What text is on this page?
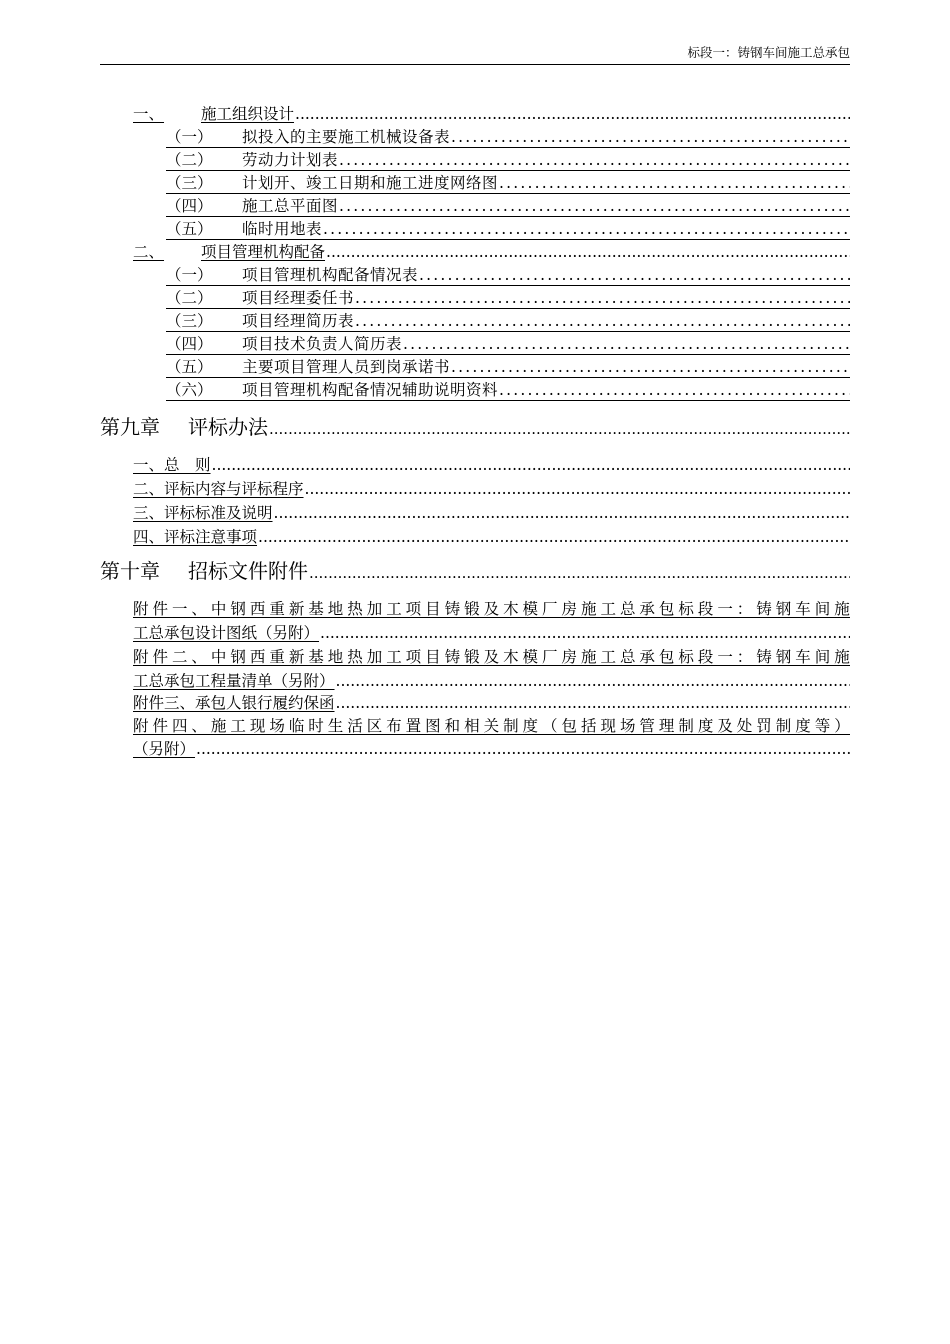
标段一：铸钢车间施工总承包
一、	施工组织设计
.....
（一）	拟投入的主要施工机械设备表
.....
（二）	劳动力计划表
.....
（三）	计划开、竣工日期和施工进度网络图
.....
（四）	施工总平面图
.....
（五）	临时用地表
.....
二、	项目管理机构配备
.....
（一）	项目管理机构配备情况表
.....
（二）	项目经理委任书
.....
（三）	项目经理简历表
.....
（四）	项目技术负责人简历表
.....
（五）	主要项目管理人员到岗承诺书
.....
（六）	项目管理机构配备情况辅助说明资料
.....
第九章	评标办法
.....
一、总　则
.....
二、评标内容与评标程序
.....
三、评标标准及说明
.....
四、评标注意事项
.....
第十章	招标文件附件
.....
附件一、中钢西重新基地热加工项目铸锻及木模厂房施工总承包标段一：铸钢车间施
工总承包设计图纸（另附）
.....
附件二、中钢西重新基地热加工项目铸锻及木模厂房施工总承包标段一：铸钢车间施
工总承包工程量清单（另附）
.....
附件三、承包人银行履约保函
.....
附件四、施工现场临时生活区布置图和相关制度（包括现场管理制度及处罚制度等）
（另附）
.....
